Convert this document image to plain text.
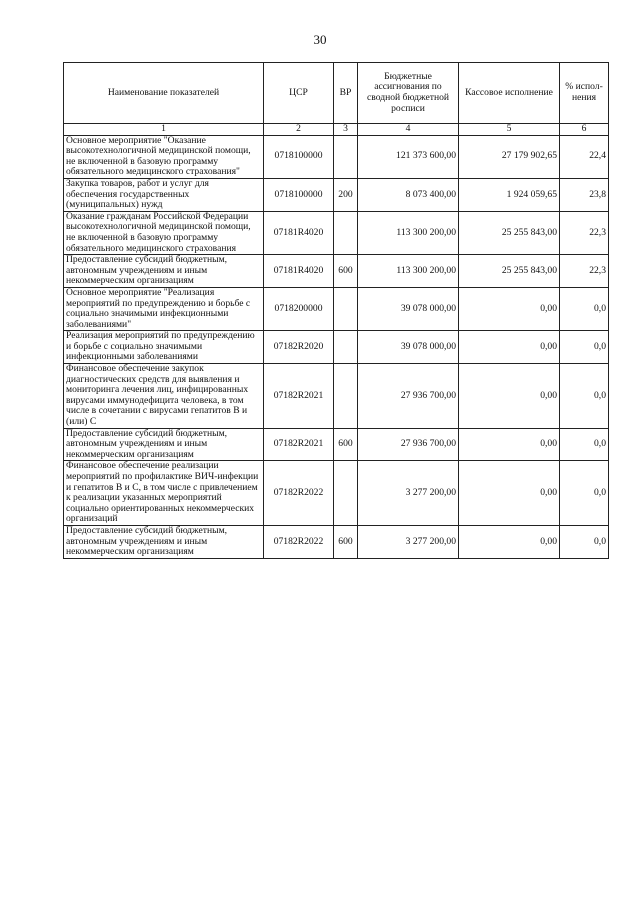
30
Наименование показателей	ЦСР	ВР	Бюджетные ассигнования по сводной бюджетной росписи	Кассовое исполнение	% испол-нения
1	2	3	4	5	6
Основное мероприятие "Оказание высокотехнологичной медицинской помощи, не включенной в базовую программу обязательного медицинского страхования"	0718100000		121 373 600,00	27 179 902,65	22,4
Закупка товаров, работ и услуг для обеспечения государственных (муниципальных) нужд	0718100000	200	8 073 400,00	1 924 059,65	23,8
Оказание гражданам Российской Федерации высокотехнологичной медицинской помощи, не включенной в базовую программу обязательного медицинского страхования	07181R4020		113 300 200,00	25 255 843,00	22,3
Предоставление субсидий бюджетным, автономным учреждениям и иным некоммерческим организациям	07181R4020	600	113 300 200,00	25 255 843,00	22,3
Основное мероприятие "Реализация мероприятий по предупреждению и борьбе с социально значимыми инфекционными заболеваниями"	0718200000		39 078 000,00	0,00	0,0
Реализация мероприятий по предупреждению и борьбе с социально значимыми инфекционными заболеваниями	07182R2020		39 078 000,00	0,00	0,0
Финансовое обеспечение закупок диагностических средств для выявления и мониторинга лечения лиц, инфицированных вирусами иммунодефицита человека, в том числе в сочетании с вирусами гепатитов В и (или) С	07182R2021		27 936 700,00	0,00	0,0
Предоставление субсидий бюджетным, автономным учреждениям и иным некоммерческим организациям	07182R2021	600	27 936 700,00	0,00	0,0
Финансовое обеспечение реализации мероприятий по профилактике ВИЧ-инфекции и гепатитов В и С, в том числе с привлечением к реализации указанных мероприятий социально ориентированных некоммерческих организаций	07182R2022		3 277 200,00	0,00	0,0
Предоставление субсидий бюджетным, автономным учреждениям и иным некоммерческим организациям	07182R2022	600	3 277 200,00	0,00	0,0
